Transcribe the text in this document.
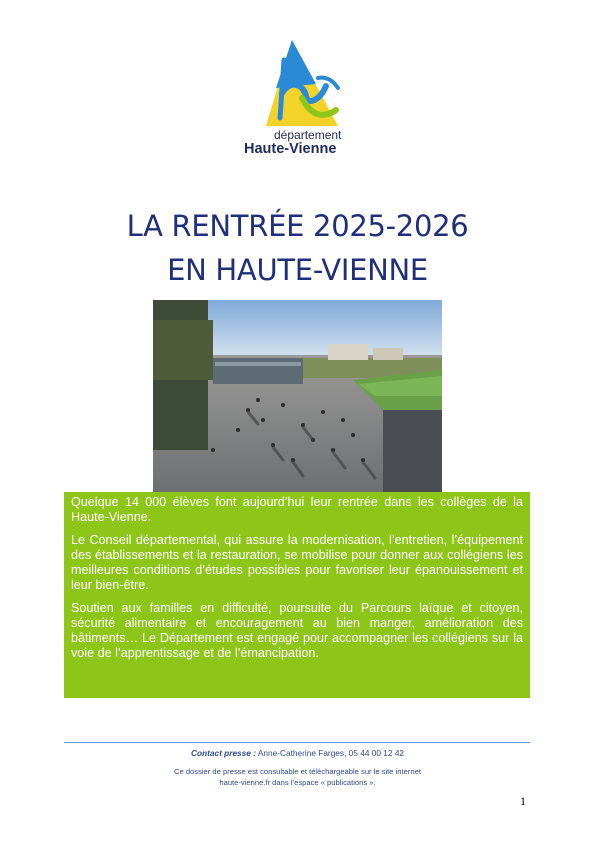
département
Haute-Vienne
LA RENTRÉE 2025-2026
EN HAUTE-VIENNE

Quelque 14 000 élèves font aujourd’hui leur rentrée dans les collèges de la Haute-Vienne.

Le Conseil départemental, qui assure la modernisation, l’entretien, l’équipement des établissements et la restauration, se mobilise pour donner aux collégiens les meilleures conditions d’études possibles pour favoriser leur épanouissement et leur bien-être.

Soutien aux familles en difficulté, poursuite du Parcours laïque et citoyen, sécurité alimentaire et encouragement au bien manger, amélioration des bâtiments… Le Département est engagé pour accompagner les collégiens sur la voie de l’apprentissage et de l’émancipation.

Contact presse : Anne-Catherine Farges, 05 44 00 12 42
Ce dossier de presse est consultable et téléchargeable sur le site internet
haute-vienne.fr dans l’espace « publications ».
1
